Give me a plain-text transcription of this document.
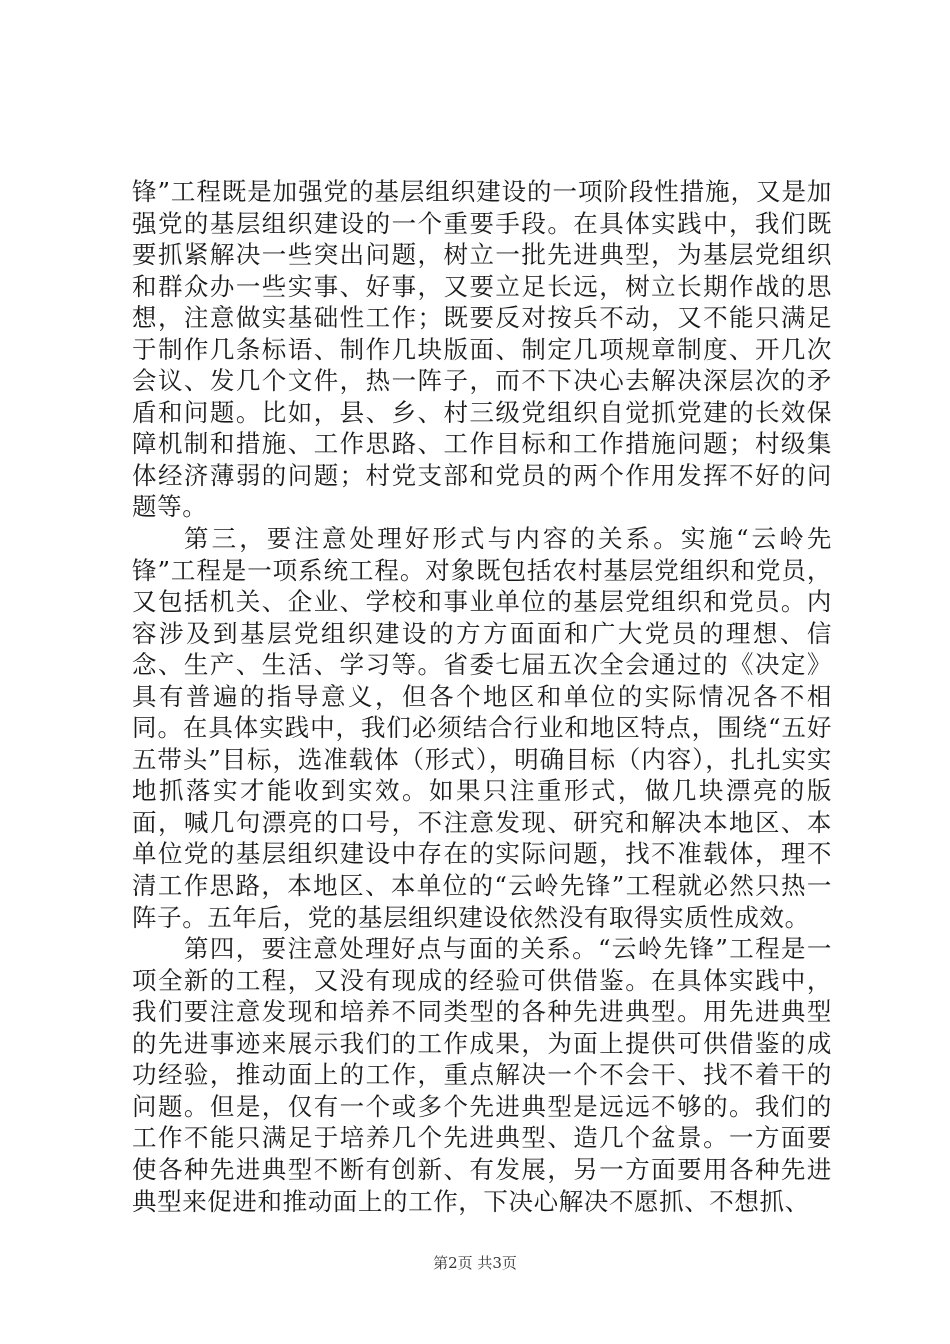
锋”工程既是加强党的基层组织建设的一项阶段性措施，又是加强党的基层组织建设的一个重要手段。在具体实践中，我们既要抓紧解决一些突出问题，树立一批先进典型，为基层党组织和群众办一些实事、好事，又要立足长远，树立长期作战的思想，注意做实基础性工作；既要反对按兵不动，又不能只满足于制作几条标语、制作几块版面、制定几项规章制度、开几次会议、发几个文件，热一阵子，而不下决心去解决深层次的矛盾和问题。比如，县、乡、村三级党组织自觉抓党建的长效保障机制和措施、工作思路、工作目标和工作措施问题；村级集体经济薄弱的问题；村党支部和党员的两个作用发挥不好的问题等。

第三，要注意处理好形式与内容的关系。实施“云岭先锋”工程是一项系统工程。对象既包括农村基层党组织和党员，又包括机关、企业、学校和事业单位的基层党组织和党员。内容涉及到基层党组织建设的方方面面和广大党员的理想、信念、生产、生活、学习等。省委七届五次全会通过的《决定》具有普遍的指导意义，但各个地区和单位的实际情况各不相同。在具体实践中，我们必须结合行业和地区特点，围绕“五好五带头”目标，选准载体（形式），明确目标（内容），扎扎实实地抓落实才能收到实效。如果只注重形式，做几块漂亮的版面，喊几句漂亮的口号，不注意发现、研究和解决本地区、本单位党的基层组织建设中存在的实际问题，找不准载体，理不清工作思路，本地区、本单位的“云岭先锋”工程就必然只热一阵子。五年后，党的基层组织建设依然没有取得实质性成效。

第四，要注意处理好点与面的关系。“云岭先锋”工程是一项全新的工程，又没有现成的经验可供借鉴。在具体实践中，我们要注意发现和培养不同类型的各种先进典型。用先进典型的先进事迹来展示我们的工作成果，为面上提供可供借鉴的成功经验，推动面上的工作，重点解决一个不会干、找不着干的问题。但是，仅有一个或多个先进典型是远远不够的。我们的工作不能只满足于培养几个先进典型、造几个盆景。一方面要使各种先进典型不断有创新、有发展，另一方面要用各种先进典型来促进和推动面上的工作，下决心解决不愿抓、不想抓、

第2页 共3页
